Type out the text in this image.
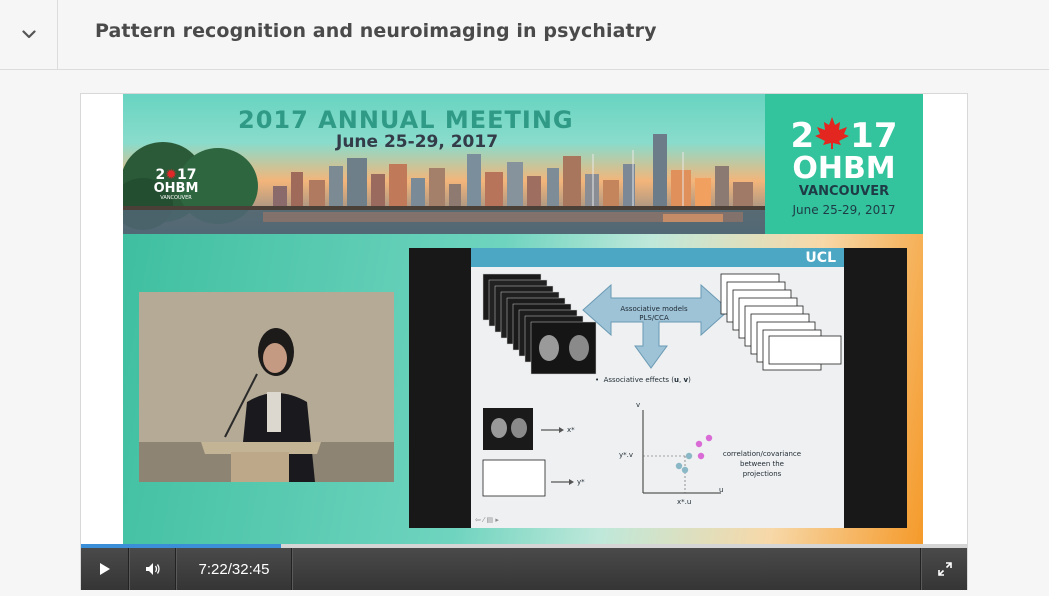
Pattern recognition and neuroimaging in psychiatry
2017 ANNUAL MEETING
June 25-29, 2017
2✹17
OHBM
VANCOUVER
2 17
OHBM
VANCOUVER
June 25-29, 2017
UCL
Associative models
PLS/CCA
• Associative effects (u, v)
x*
y*
v
u
y*.v
x*.u
correlation/covariance
between the
projections
⇦ ⁄ ▤ ▸
7:22 / 32:45
